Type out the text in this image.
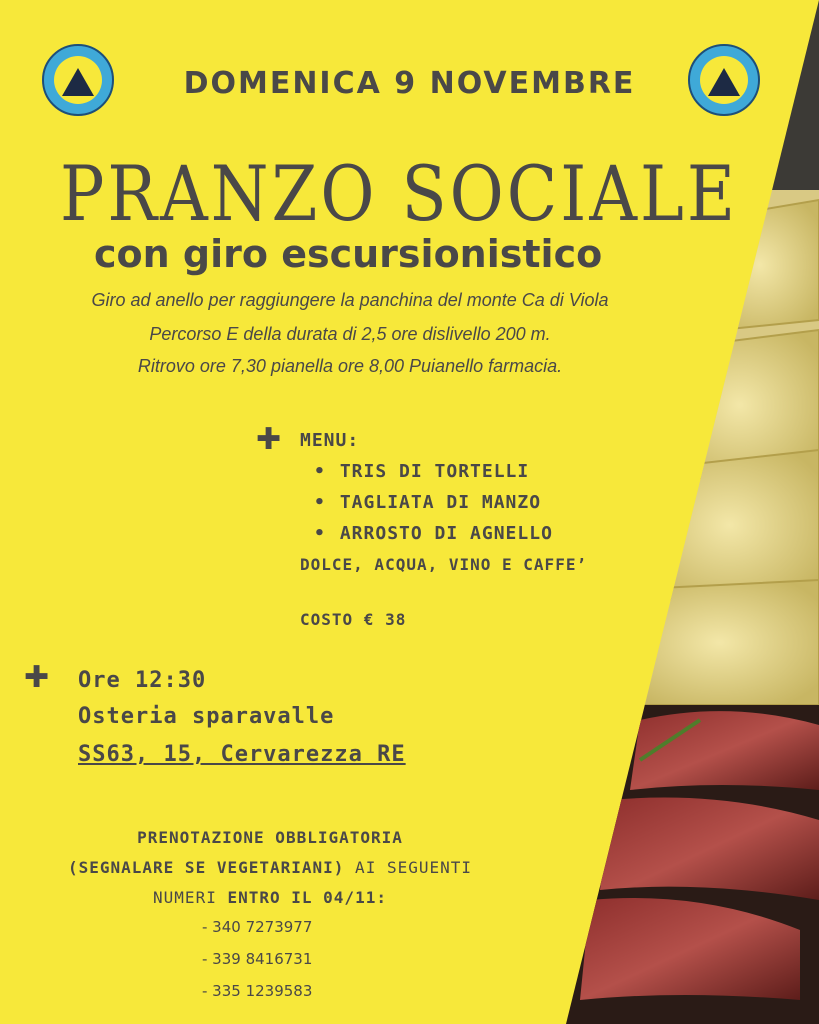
DOMENICA 9 NOVEMBRE
PRANZO SOCIALE
con giro escursionistico
Giro ad anello per raggiungere la panchina del monte Ca di Viola
Percorso E della durata di 2,5 ore dislivello 200 m.
Ritrovo ore 7,30 pianella ore 8,00 Puianello farmacia.
✚ MENU:
• TRIS DI TORTELLI
• TAGLIATA DI MANZO
• ARROSTO DI AGNELLO
DOLCE, ACQUA, VINO E CAFFE’
COSTO € 38
✚ Ore 12:30
Osteria sparavalle
SS63, 15, Cervarezza RE
PRENOTAZIONE OBBLIGATORIA
(SEGNALARE SE VEGETARIANI) AI SEGUENTI
NUMERI ENTRO IL 04/11:
- 340 7273977
- 339 8416731
- 335 1239583
